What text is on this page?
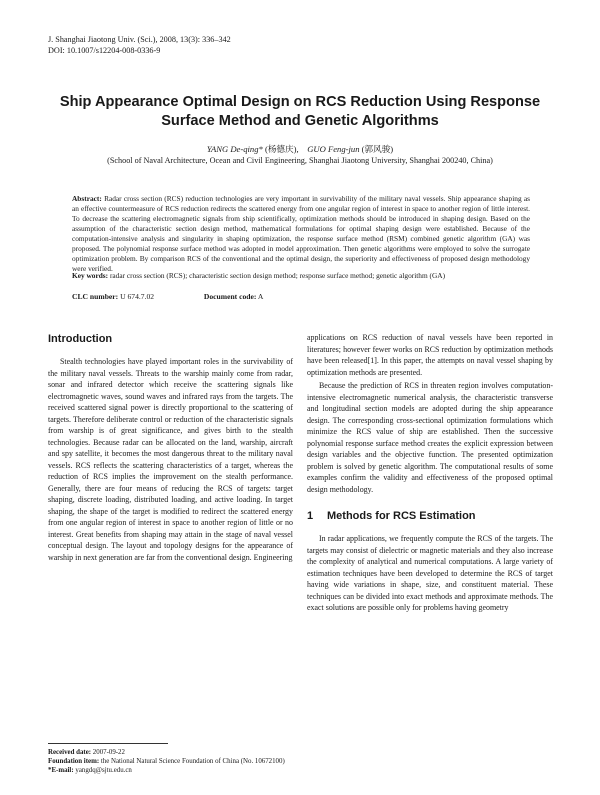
J. Shanghai Jiaotong Univ. (Sci.), 2008, 13(3): 336–342
DOI: 10.1007/s12204-008-0336-9
Ship Appearance Optimal Design on RCS Reduction Using Response
Surface Method and Genetic Algorithms
YANG De-qing* (杨德庆), GUO Feng-jun (郭风骏)
(School of Naval Architecture, Ocean and Civil Engineering, Shanghai Jiaotong University, Shanghai 200240, China)
Abstract: Radar cross section (RCS) reduction technologies are very important in survivability of the military naval vessels. Ship appearance shaping as an effective countermeasure of RCS reduction redirects the scattered energy from one angular region of interest in space to another region of little interest. To decrease the scattering electromagnetic signals from ship scientifically, optimization methods should be introduced in shaping design. Based on the assumption of the characteristic section design method, mathematical formulations for optimal shaping design were established. Because of the computation-intensive analysis and singularity in shaping optimization, the response surface method (RSM) combined genetic algorithm (GA) was proposed. The polynomial response surface method was adopted in model approximation. Then genetic algorithms were employed to solve the surrogate optimization problem. By comparison RCS of the conventional and the optimal design, the superiority and effectiveness of proposed design methodology were verified.
Key words: radar cross section (RCS); characteristic section design method; response surface method; genetic algorithm (GA)
CLC number: U 674.7.02	Document code: A
Introduction

Stealth technologies have played important roles in the survivability of the military naval vessels. Threats to the warship mainly come from radar, sonar and infrared detector which receive the scattering signals like electromagnetic waves, sound waves and infrared rays from the targets. The received scattered signal power is directly proportional to the scattering of targets. Therefore deliberate control or reduction of the characteristic signals from warship is of great significance, and gives birth to the stealth technologies. Because radar can be allocated on the land, warship, aircraft and spy satellite, it becomes the most dangerous threat to the military naval vessels. RCS reflects the scattering characteristics of a target, whereas the reduction of RCS implies the improvement on the stealth performance. Generally, there are four means of reducing the RCS of targets: target shaping, discrete loading, distributed loading, and active loading. In target shaping, the shape of the target is modified to redirect the scattered energy from one angular region of interest in space to another region of little or no interest. Great benefits from shaping may attain in the stage of naval vessel conceptual design. The layout and topology designs for the appearance of warship in next generation are far from the conventional design. Engineering

applications on RCS reduction of naval vessels have been reported in literatures; however fewer works on RCS reduction by optimization methods have been released[1]. In this paper, the attempts on naval vessel shaping by optimization methods are presented.

Because the prediction of RCS in threaten region involves computation-intensive electromagnetic numerical analysis, the characteristic transverse and longitudinal section models are adopted during the ship appearance design. The corresponding cross-sectional optimization formulations which minimize the RCS value of ship are established. Then the successive polynomial response surface method creates the explicit expression between design variables and the objective function. The presented optimization problem is solved by genetic algorithm. The computational results of some examples confirm the validity and effectiveness of the proposed optimal design methodology.

1 Methods for RCS Estimation

In radar applications, we frequently compute the RCS of the targets. The targets may consist of dielectric or magnetic materials and they also increase the complexity of analytical and numerical computations. A large variety of estimation techniques have been developed to determine the RCS of target having wide variations in shape, size, and constituent material. These techniques can be divided into exact methods and approximate methods. The exact solutions are possible only for problems having geometry

Received date: 2007-09-22
Foundation item: the National Natural Science Foundation of China (No. 10672100)
*E-mail: yangdq@sjtu.edu.cn
